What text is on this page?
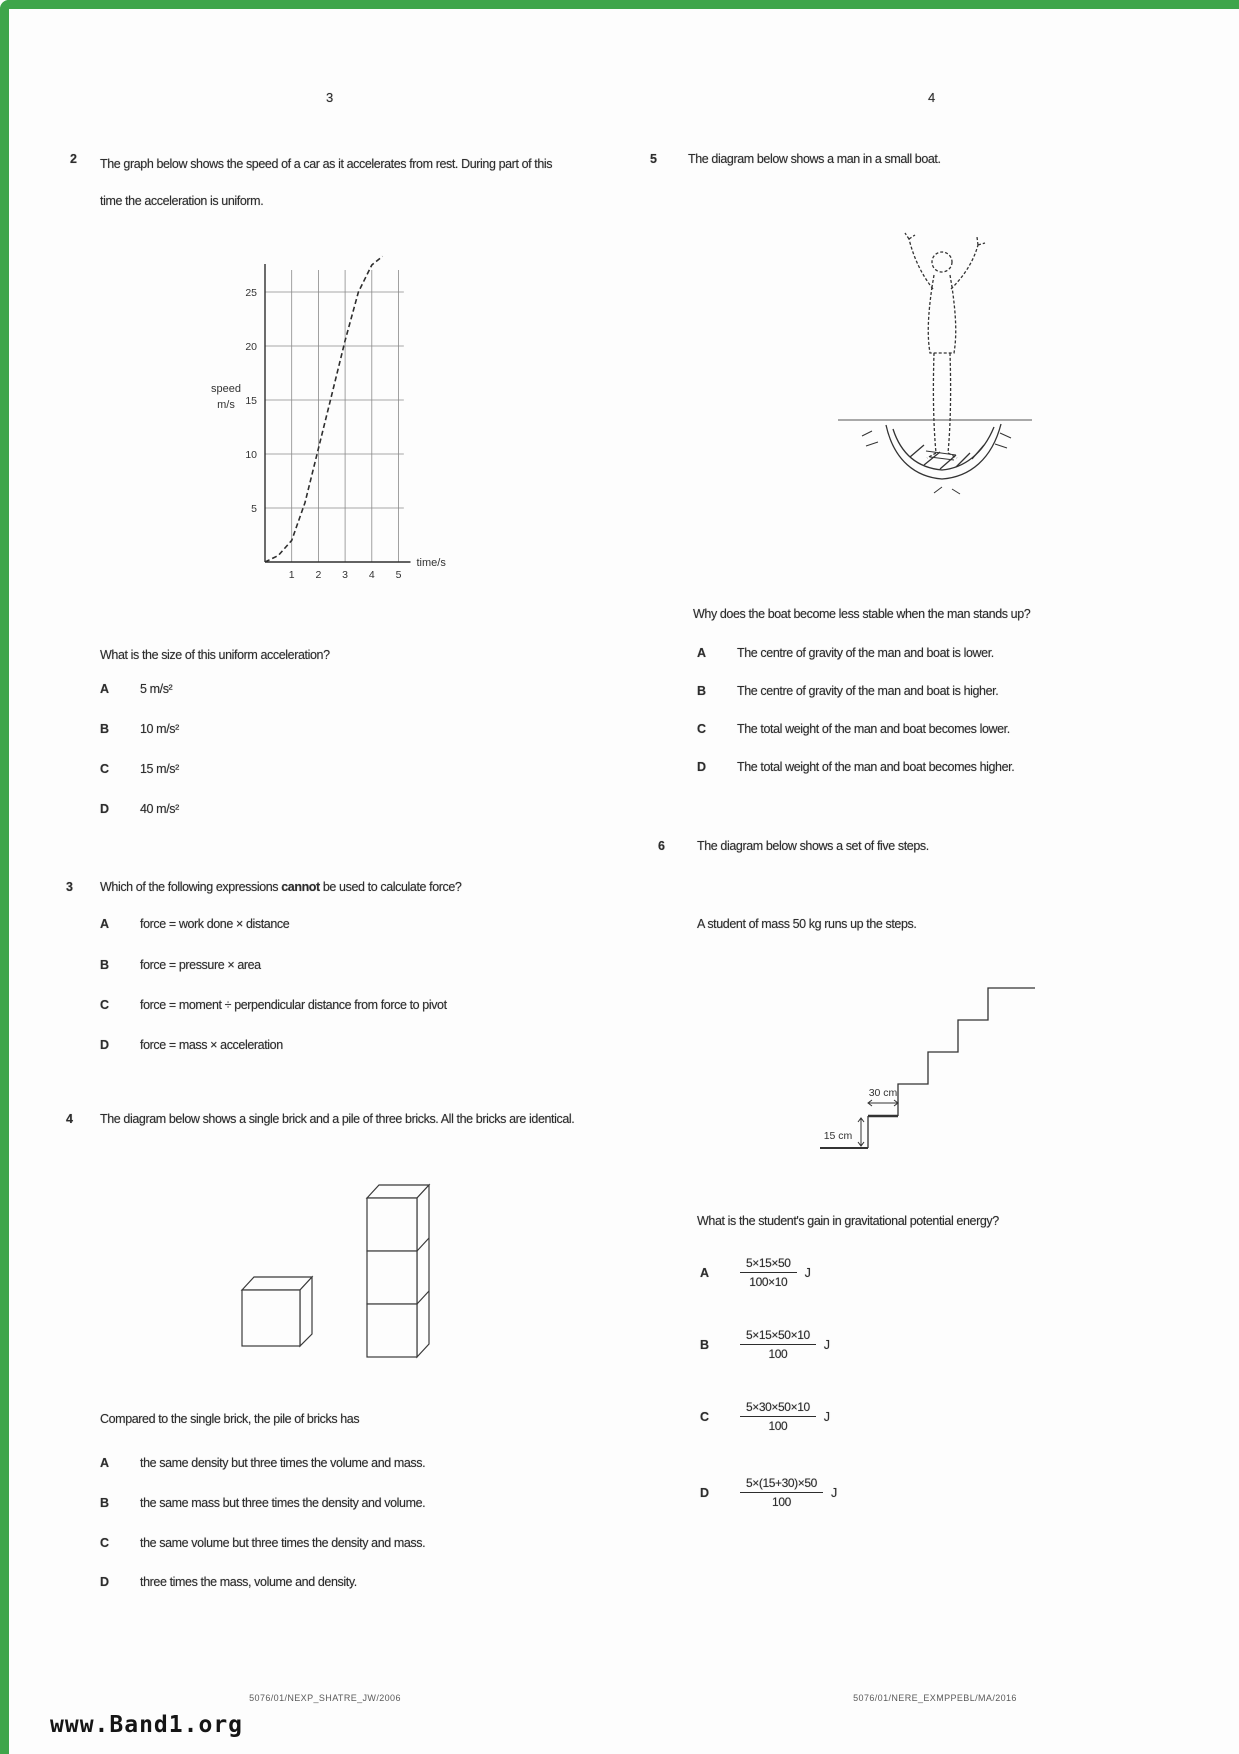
3
2 The graph below shows the speed of a car as it accelerates from rest. During part of this time the acceleration is uniform.
1 2 3 4 5
5
10
15
20
25
speed
m/s
time/s
What is the size of this uniform acceleration?
A	5 m/s²
B	10 m/s²
C	15 m/s²
D	40 m/s²
3 Which of the following expressions cannot be used to calculate force?
A	force = work done × distance
B	force = pressure × area
C	force = moment ÷ perpendicular distance from force to pivot
D	force = mass × acceleration
4 The diagram below shows a single brick and a pile of three bricks. All the bricks are identical.
Compared to the single brick, the pile of bricks has
A	the same density but three times the volume and mass.
B	the same mass but three times the density and volume.
C	the same volume but three times the density and mass.
D	three times the mass, volume and density.
5076/01/NEXP_SHATRE_JW/2006
4
5	The diagram below shows a man in a small boat.
Why does the boat become less stable when the man stands up?
A	The centre of gravity of the man and boat is lower.
B	The centre of gravity of the man and boat is higher.
C	The total weight of the man and boat becomes lower.
D	The total weight of the man and boat becomes higher.
6	The diagram below shows a set of five steps.
A student of mass 50 kg runs up the steps.
30 cm
15 cm
What is the student's gain in gravitational potential energy?
A	$\frac{5\times 15\times 50}{100\times 10}$ J
B	$\frac{5\times 15\times 50\times 10}{100}$ J
C	$\frac{5\times 30\times 50\times 10}{100}$ J
D	$\frac{5\times(15+30)\times 50}{100}$ J
5076/01/NERE_EXMPPEBL/MA/2016
www.Band1.org
